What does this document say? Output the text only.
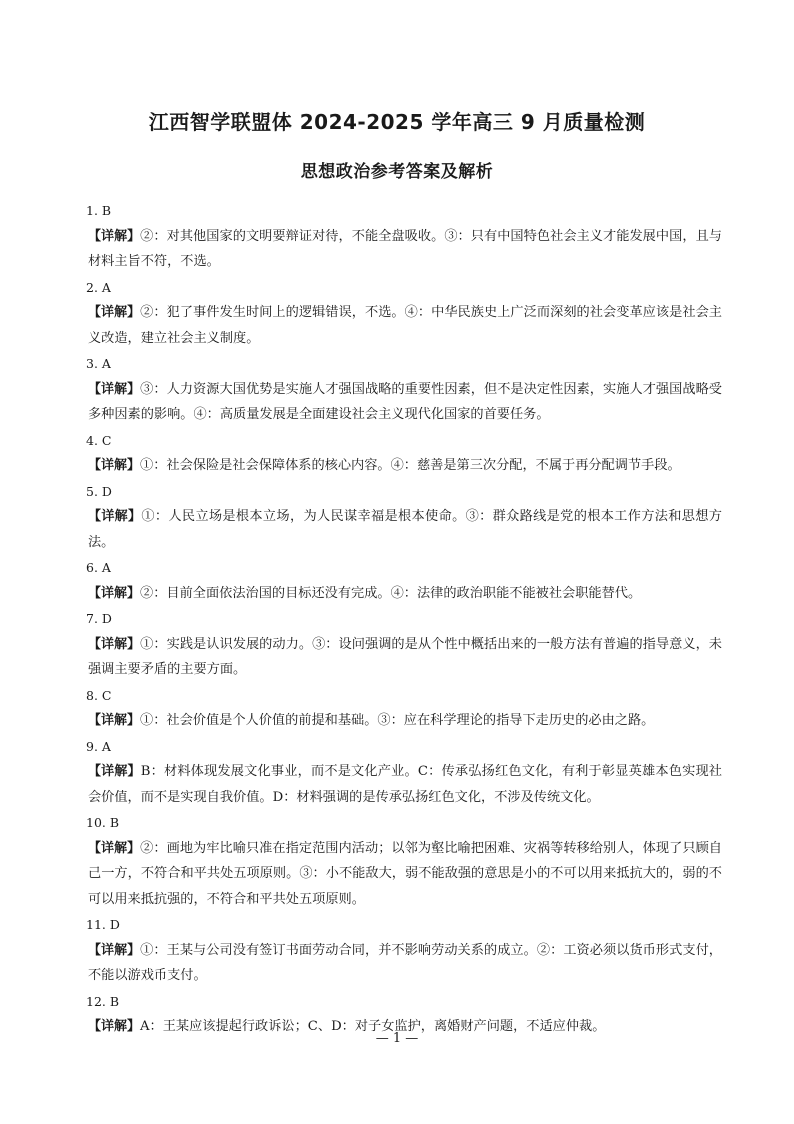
江西智学联盟体 2024-2025 学年高三 9 月质量检测
思想政治参考答案及解析
1. B
【详解】②：对其他国家的文明要辩证对待，不能全盘吸收。③：只有中国特色社会主义才能发展中国，且与材料主旨不符，不选。
2. A
【详解】②：犯了事件发生时间上的逻辑错误，不选。④：中华民族史上广泛而深刻的社会变革应该是社会主义改造，建立社会主义制度。
3. A
【详解】③：人力资源大国优势是实施人才强国战略的重要性因素，但不是决定性因素，实施人才强国战略受多种因素的影响。④：高质量发展是全面建设社会主义现代化国家的首要任务。
4. C
【详解】①：社会保险是社会保障体系的核心内容。④：慈善是第三次分配，不属于再分配调节手段。
5. D
【详解】①：人民立场是根本立场，为人民谋幸福是根本使命。③：群众路线是党的根本工作方法和思想方法。
6. A
【详解】②：目前全面依法治国的目标还没有完成。④：法律的政治职能不能被社会职能替代。
7. D
【详解】①：实践是认识发展的动力。③：设问强调的是从个性中概括出来的一般方法有普遍的指导意义，未强调主要矛盾的主要方面。
8. C
【详解】①：社会价值是个人价值的前提和基础。③：应在科学理论的指导下走历史的必由之路。
9. A
【详解】B：材料体现发展文化事业，而不是文化产业。C：传承弘扬红色文化，有利于彰显英雄本色实现社会价值，而不是实现自我价值。D：材料强调的是传承弘扬红色文化，不涉及传统文化。
10. B
【详解】②：画地为牢比喻只准在指定范围内活动；以邻为壑比喻把困难、灾祸等转移给别人，体现了只顾自己一方，不符合和平共处五项原则。③：小不能敌大，弱不能敌强的意思是小的不可以用来抵抗大的，弱的不可以用来抵抗强的，不符合和平共处五项原则。
11. D
【详解】①：王某与公司没有签订书面劳动合同，并不影响劳动关系的成立。②：工资必须以货币形式支付，不能以游戏币支付。
12. B
【详解】A：王某应该提起行政诉讼；C、D：对子女监护，离婚财产问题，不适应仲裁。
— 1 —
